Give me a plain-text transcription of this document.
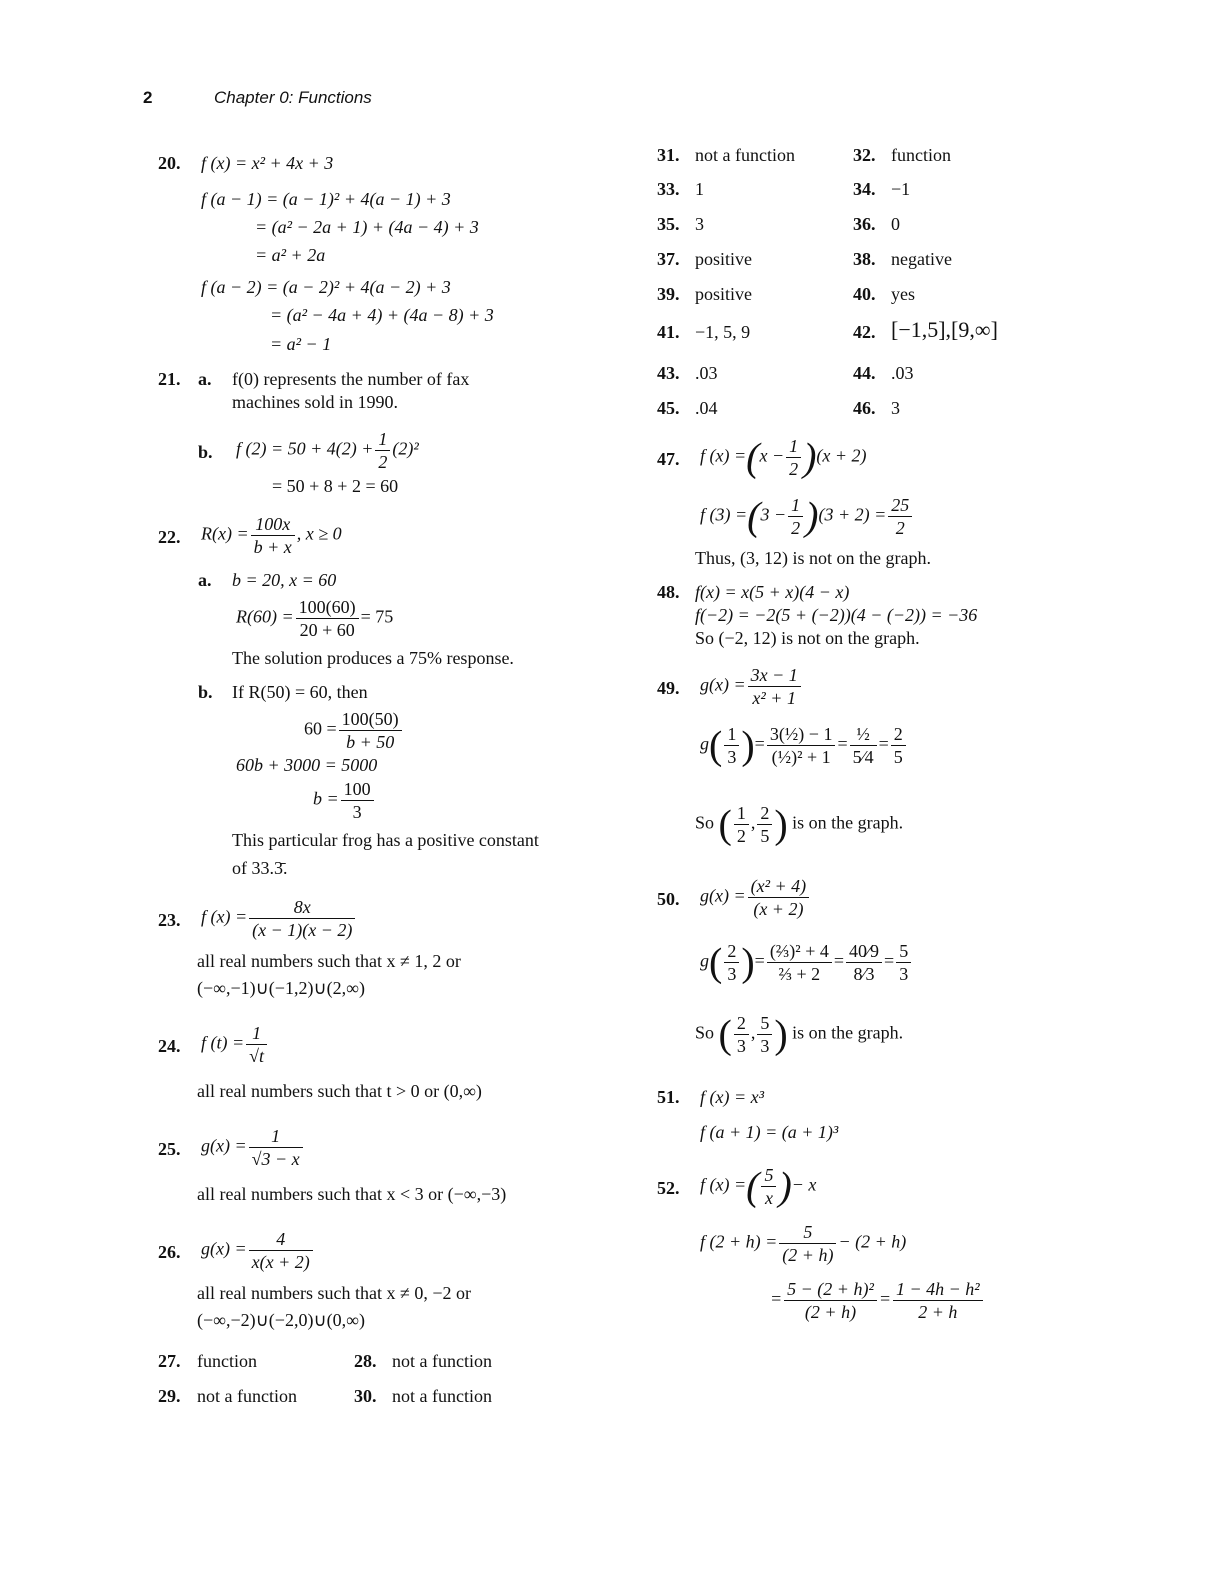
2	Chapter 0: Functions
20. f (x) = x² + 4x + 3
f (a − 1) = (a − 1)² + 4(a − 1) + 3
= (a² − 2a + 1) + (4a − 4) + 3
= a² + 2a
f (a − 2) = (a − 2)² + 4(a − 2) + 3
= (a² − 4a + 4) + (4a − 8) + 3
= a² − 1
21. a. f(0) represents the number of fax
machines sold in 1990.
b. f $(2) = 50 + 4(2) + \frac{1}{2} (2)^2$
= 50 + 8 + 2 = 60
22. $R(x) = \frac{100x}{b + x}$ , x ≥ 0
a. b = 20, x = 60
$R(60) = \frac{100(60)}{20 + 60} = 75$
The solution produces a 75% response.
b. If R(50) = 60, then
$60 = \frac{100(50)}{b + 50}$
60b + 3000 = 5000
$b = \frac{100}{3}$
This particular frog has a positive constant
of 33.3̄.
23. f $(x) = \frac{8x}{(x - 1)(x - 2)}$
all real numbers such that x ≠ 1, 2 or
(−∞,−1)∪(−1,2)∪(2,∞)
24. f $(t) = \frac{1}{√t}$
all real numbers such that t > 0 or (0,∞)
25. $g(x) = \frac{1}{√3 - x}$
all real numbers such that x < 3 or (−∞,−3)
26. $g(x) = \frac{4}{x(x + 2)}$
all real numbers such that x ≠ 0, −2 or
(−∞,−2)∪(−2,0)∪(0,∞)
27. function	28. not a function
29. not a function	30. not a function
31. not a function	32. function
33. 1	34. −1
35. 3	36. 0
37. positive	38. negative
39. positive	40. yes
41. −1, 5, 9	42. [−1,5],[9,∞]
43. .03	44. .03
45. .04	46. 3
47. f $(x) =(x - \frac{1}{2} )(x + 2)$
f $(3) =(3 - \frac{1}{2} )(3 + 2) = \frac{25}{2}$
Thus, (3, 12) is not on the graph.
48. f(x) = x(5 + x)(4 − x)
f(−2) = −2(5 + (−2))(4 − (−2)) = −36
So (−2, 12) is not on the graph.
49. $g(x) = \frac{3x - 1}{\text{x² + 1}}$
$g( \frac{1}{3}$ )= $\frac{\text{3(½) − 1}}{\text{(½)² + 1}} = \frac{\text{½}}{5⁄4} = \frac{2}{5}$
So ( $\frac{1}{2}$ , $\frac{2}{5}$ ) is on the graph.
50. $g(x) = \frac{\text{(x² + 4)}}{(x + 2)}$
$g( \frac{2}{3}$ )= $\frac{\text{(⅔)² + 4}}{\text{⅔ + 2}} = \frac{40⁄9}{8⁄3} = \frac{5}{3}$
So ( $\frac{2}{3}$ , $\frac{5}{3}$ ) is on the graph.
51. f (x) = x³
f (a + 1) = (a + 1)³
52. f (x) =( $\frac{5}{x}$ )− x
f $(2 + h) = \frac{5}{(2 + h)} - (2 + h)$
= $\frac{\text{5 − (2 + h)²}}{(2 + h)} = \frac{\text{1 − 4h − h²}}{2 + h}$
